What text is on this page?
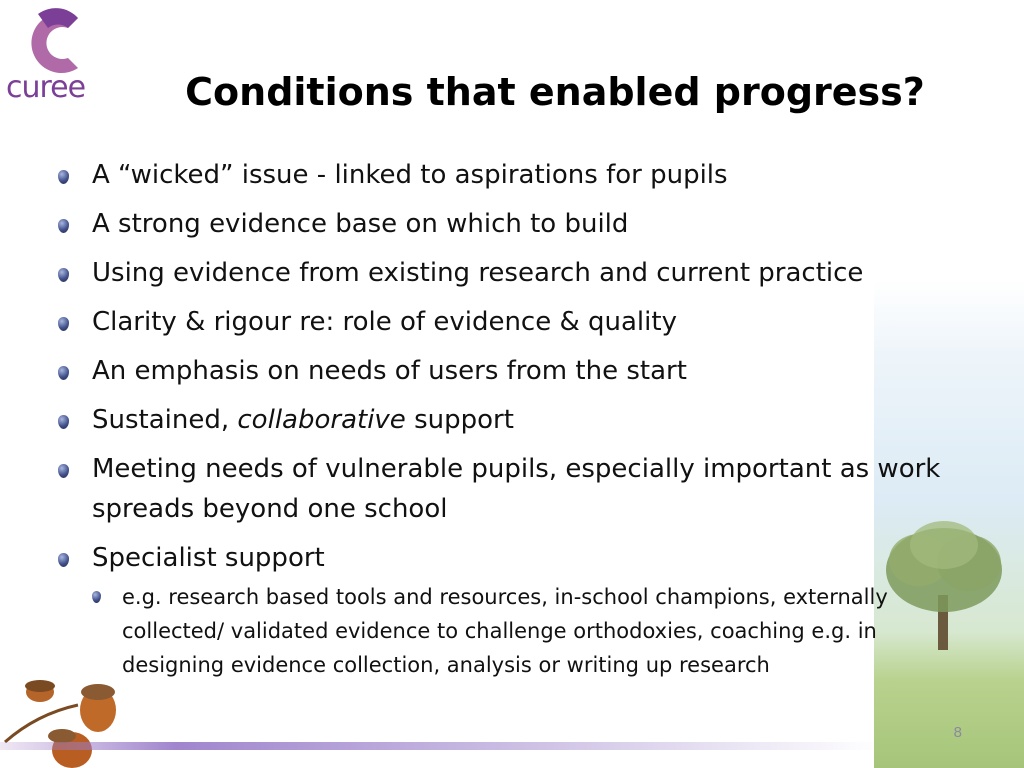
curee	Conditions that enabled progress?
A “wicked” issue - linked to aspirations for pupils
A strong evidence base on which to build
Using evidence from existing research and current practice
Clarity & rigour re: role of evidence & quality
An emphasis on needs of users from the start
Sustained, collaborative support
Meeting needs of vulnerable pupils, especially important as work spreads beyond one school
Specialist support
e.g. research based tools and resources, in-school champions, externally collected/ validated evidence to challenge orthodoxies, coaching e.g. in designing evidence collection, analysis or writing up research
8
